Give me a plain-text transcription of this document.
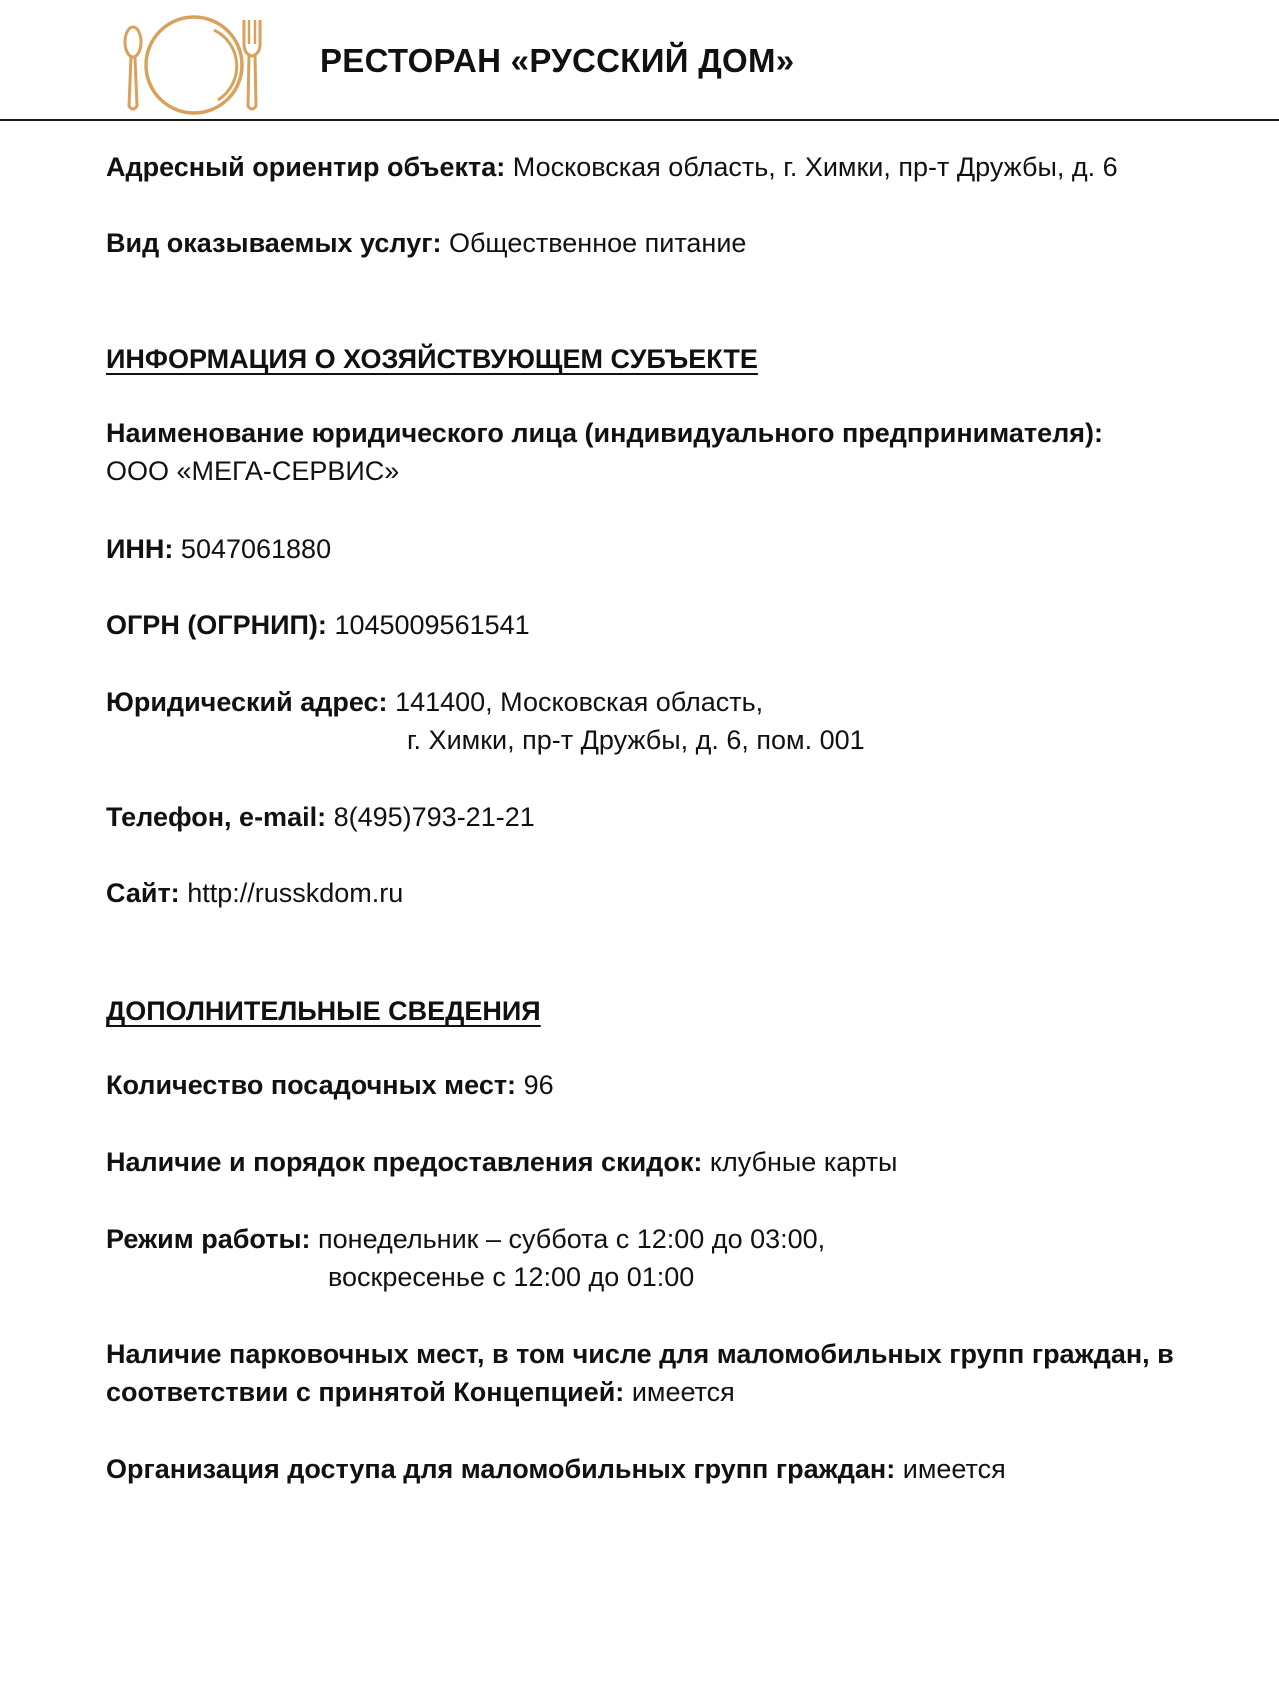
РЕСТОРАН «РУССКИЙ ДОМ»
Адресный ориентир объекта: Московская область, г. Химки, пр-т Дружбы, д. 6
Вид оказываемых услуг: Общественное питание
ИНФОРМАЦИЯ О ХОЗЯЙСТВУЮЩЕМ СУБЪЕКТЕ
Наименование юридического лица (индивидуального предпринимателя):
ООО «МЕГА-СЕРВИС»
ИНН: 5047061880
ОГРН (ОГРНИП): 1045009561541
Юридический адрес: 141400, Московская область,
г. Химки, пр-т Дружбы, д. 6, пом. 001
Телефон, e-mail: 8(495)793-21-21
Сайт: http://russkdom.ru
ДОПОЛНИТЕЛЬНЫЕ СВЕДЕНИЯ
Количество посадочных мест: 96
Наличие и порядок предоставления скидок: клубные карты
Режим работы: понедельник – суббота с 12:00 до 03:00,
воскресенье с 12:00 до 01:00
Наличие парковочных мест, в том числе для маломобильных групп граждан, в
соответствии с принятой Концепцией: имеется
Организация доступа для маломобильных групп граждан: имеется
